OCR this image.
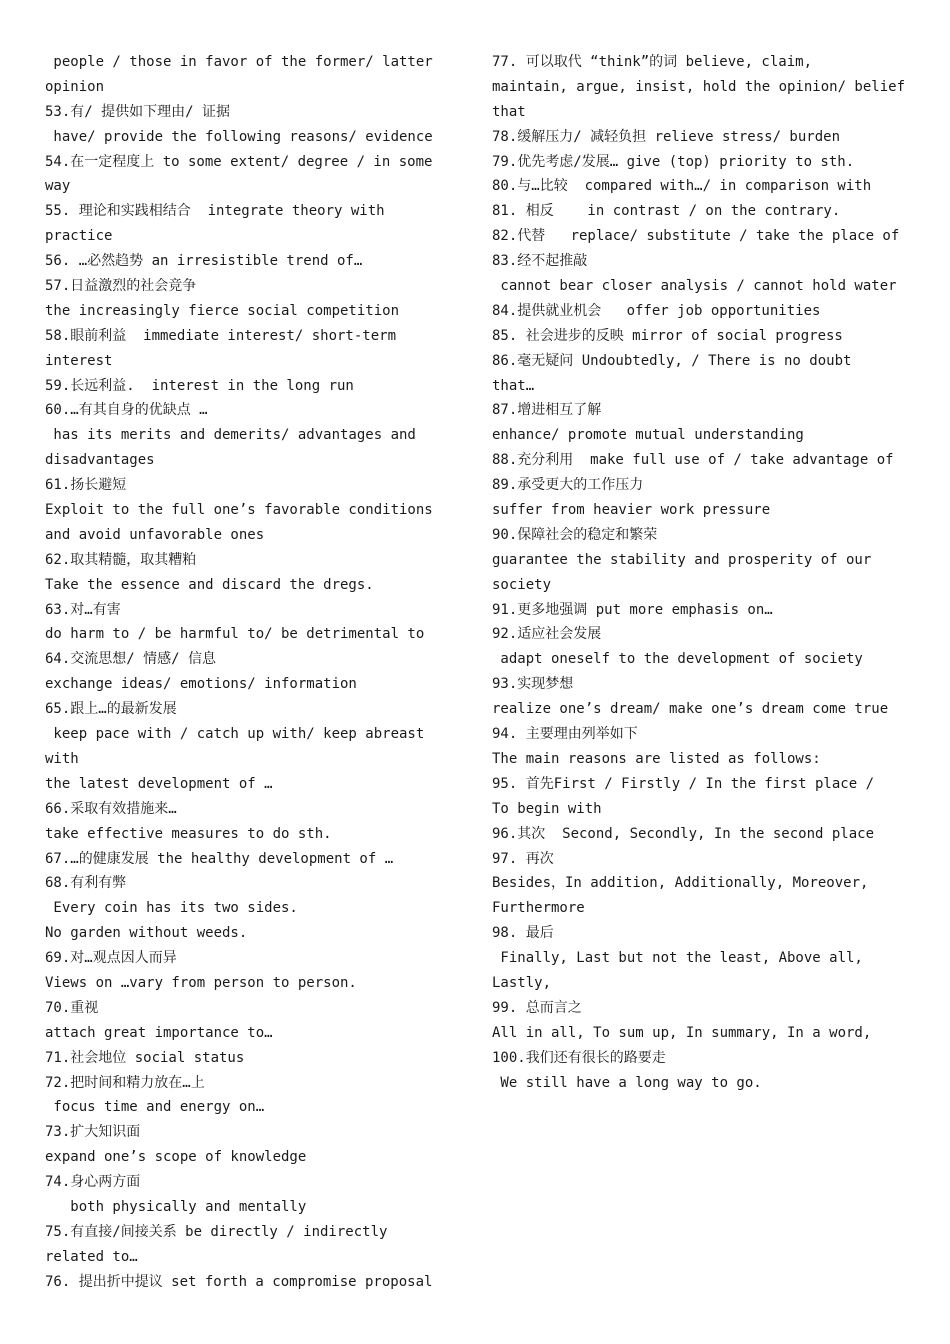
people / those in favor of the former/ latter
opinion
53.有/ 提供如下理由/ 证据
have/ provide the following reasons/ evidence
54.在一定程度上 to some extent/ degree / in some
way
55. 理论和实践相结合  integrate theory with
practice
56. …必然趋势 an irresistible trend of…
57.日益激烈的社会竞争
the increasingly fierce social competition
58.眼前利益  immediate interest/ short-term
interest
59.长远利益.  interest in the long run
60.…有其自身的优缺点 …
has its merits and demerits/ advantages and
disadvantages
61.扬长避短
Exploit to the full one’s favorable conditions
and avoid unfavorable ones
62.取其精髓，取其糟粕
Take the essence and discard the dregs.
63.对…有害
do harm to / be harmful to/ be detrimental to
64.交流思想/ 情感/ 信息
exchange ideas/ emotions/ information
65.跟上…的最新发展
keep pace with / catch up with/ keep abreast
with
the latest development of …
66.采取有效措施来…
take effective measures to do sth.
67.…的健康发展 the healthy development of …
68.有利有弊
Every coin has its two sides.
No garden without weeds.
69.对…观点因人而异
Views on …vary from person to person.
70.重视
attach great importance to…
71.社会地位 social status
72.把时间和精力放在…上
focus time and energy on…
73.扩大知识面
expand one’s scope of knowledge
74.身心两方面
both physically and mentally
75.有直接/间接关系 be directly / indirectly
related to…
76. 提出折中提议 set forth a compromise proposal

77. 可以取代 “think”的词 believe, claim,
maintain, argue, insist, hold the opinion/ belief
that
78.缓解压力/ 减轻负担 relieve stress/ burden
79.优先考虑/发展… give (top) priority to sth.
80.与…比较  compared with…/ in comparison with
81. 相反    in contrast / on the contrary.
82.代替   replace/ substitute / take the place of
83.经不起推敲
cannot bear closer analysis / cannot hold water
84.提供就业机会   offer job opportunities
85. 社会进步的反映 mirror of social progress
86.毫无疑问 Undoubtedly, / There is no doubt
that…
87.增进相互了解
enhance/ promote mutual understanding
88.充分利用  make full use of / take advantage of
89.承受更大的工作压力
suffer from heavier work pressure
90.保障社会的稳定和繁荣
guarantee the stability and prosperity of our
society
91.更多地强调 put more emphasis on…
92.适应社会发展
adapt oneself to the development of society
93.实现梦想
realize one’s dream/ make one’s dream come true
94. 主要理由列举如下
The main reasons are listed as follows:
95. 首先First / Firstly / In the first place /
To begin with
96.其次  Second, Secondly, In the second place
97. 再次
Besides，In addition, Additionally, Moreover,
Furthermore
98. 最后
Finally, Last but not the least, Above all,
Lastly,
99. 总而言之
All in all, To sum up, In summary, In a word,
100.我们还有很长的路要走
We still have a long way to go.
